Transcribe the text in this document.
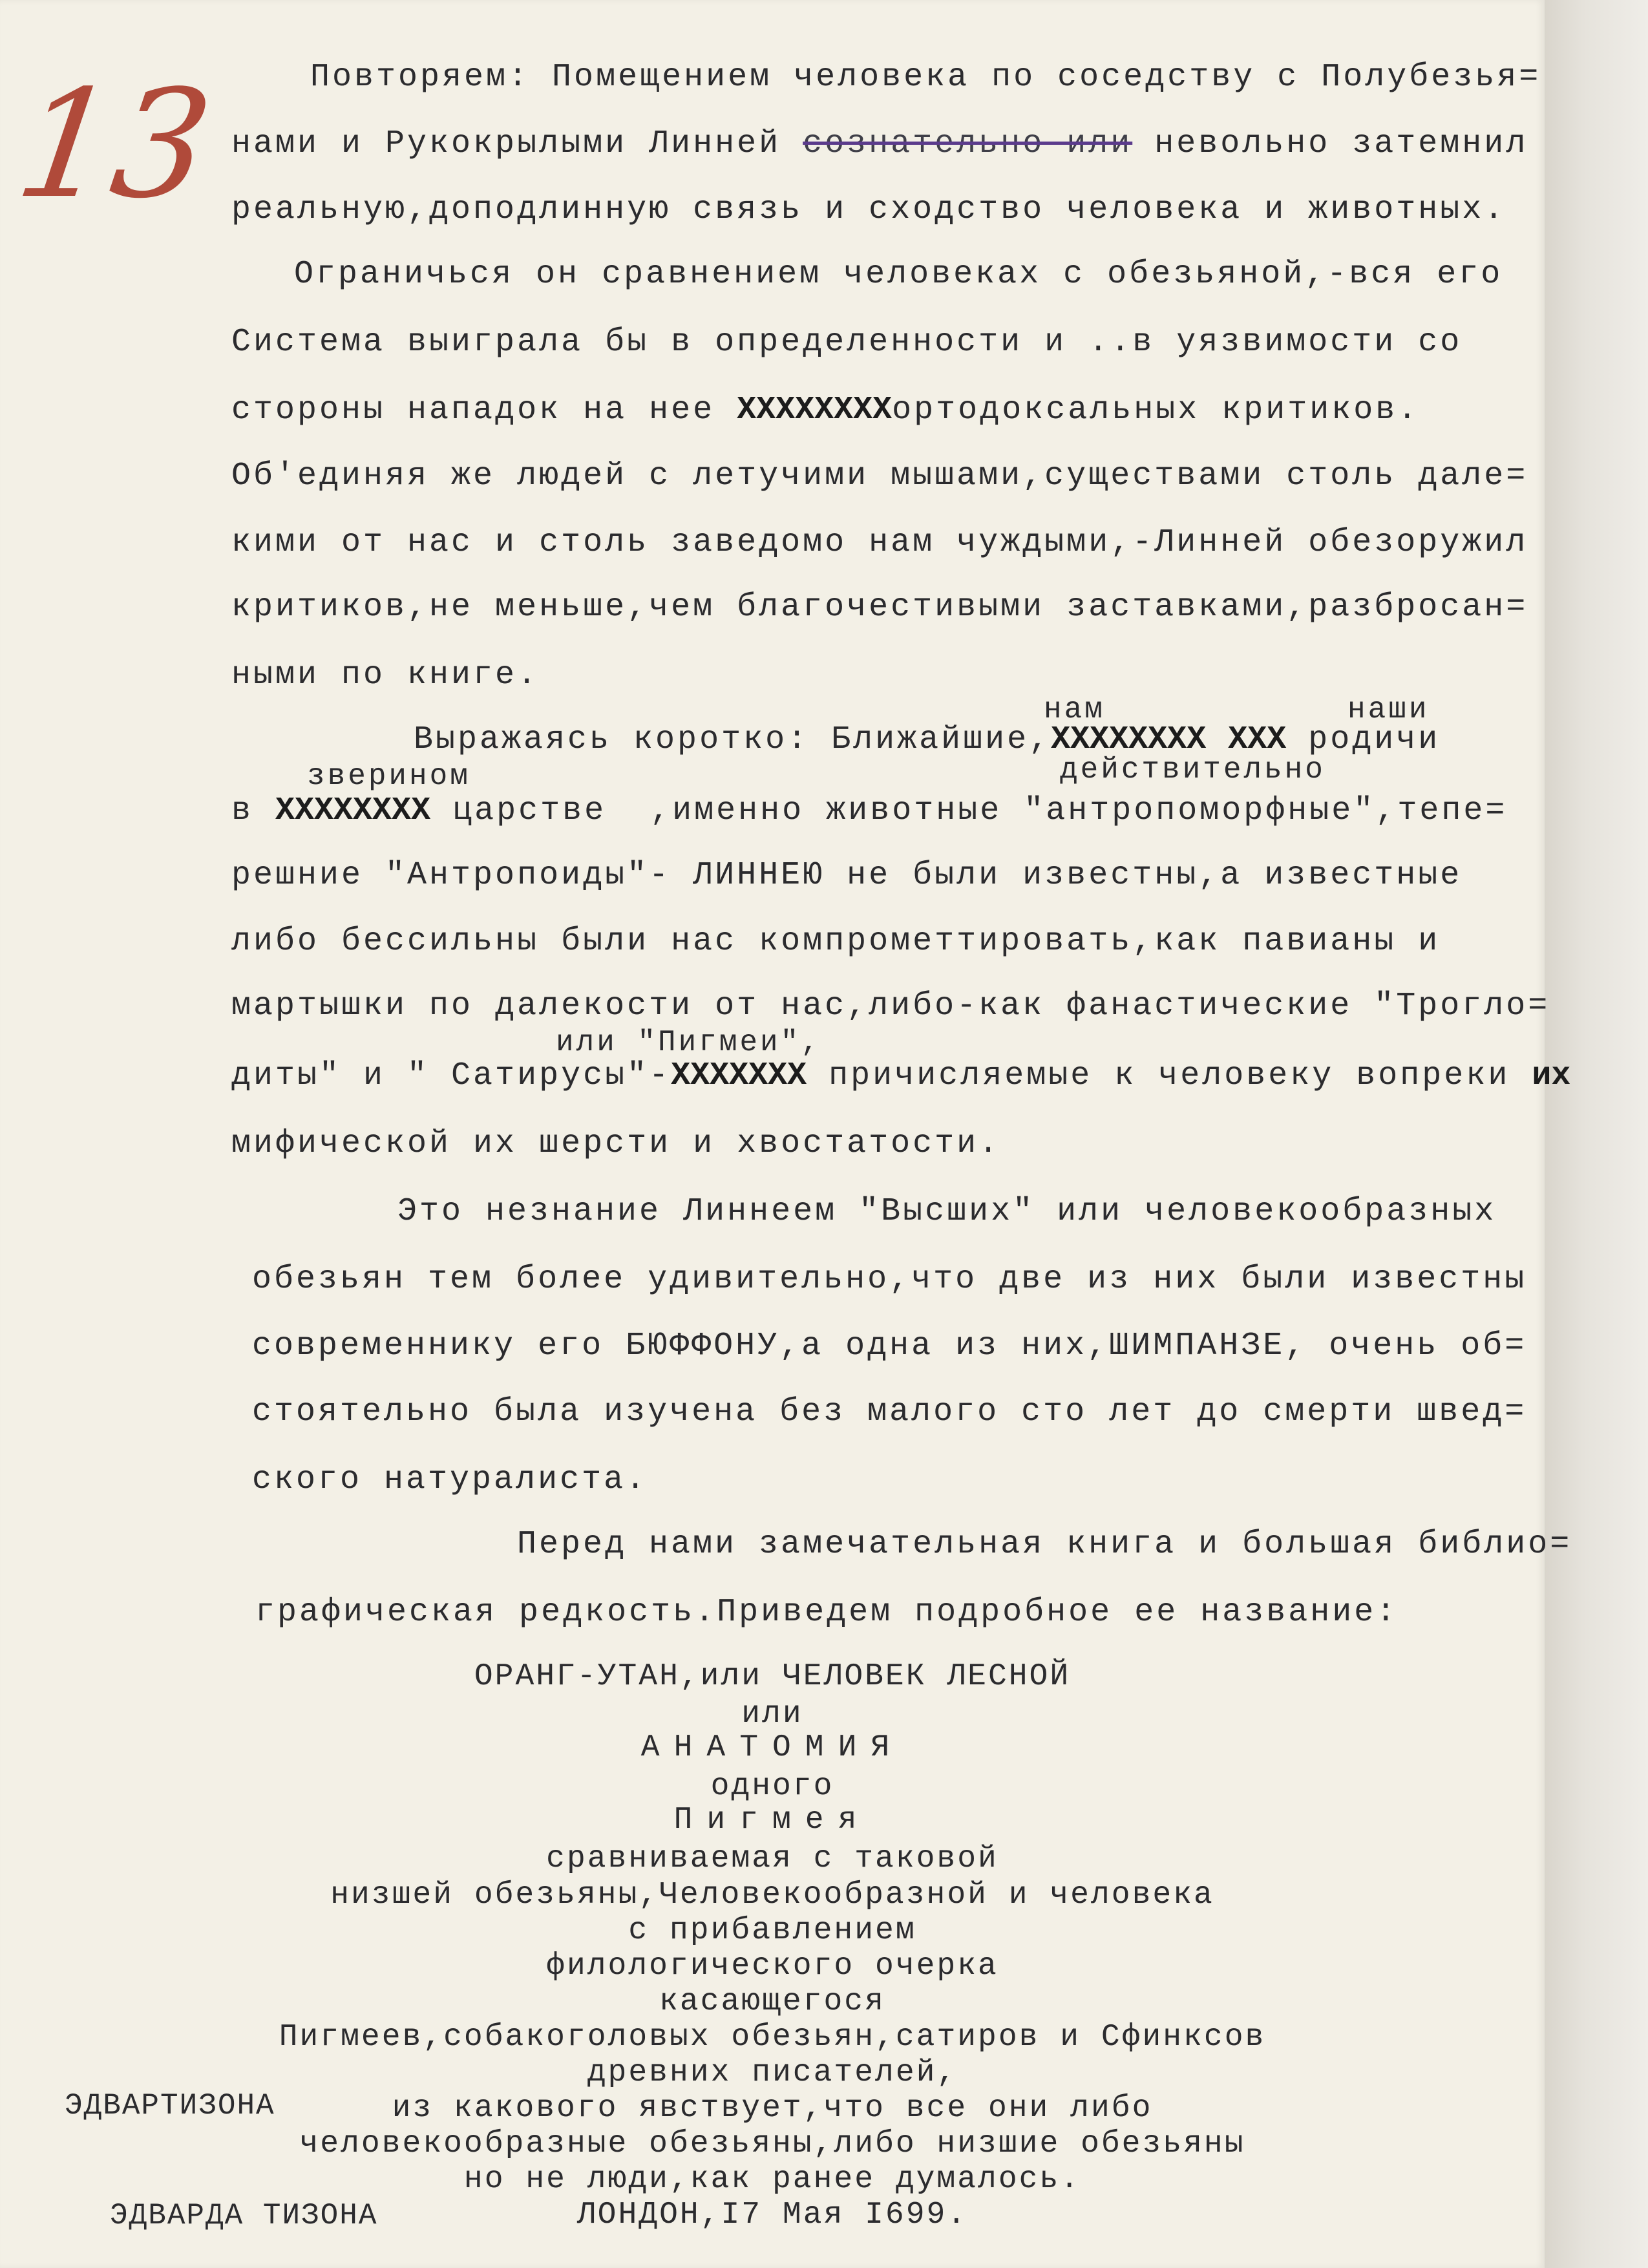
13	Повторяем: Помещением человека по соседству с Полубезья=
нами и Рукокрылыми Линней сознательно или невольно затемнил
реальную,доподлинную связь и сходство человека и животных.
Ограничься он сравнением человеках с обезьяной,-вся его
Система выиграла бы в определенности и ..в уязвимости со
стороны нападок на нее XXXXXXXXортодоксальных критиков.
Об'единяя же людей с летучими мышами,существами столь дале=
кими от нас и столь заведомо нам чуждыми,-Линней обезоружил
критиков,не меньше,чем благочестивыми заставками,разбросан=
ными по книге.
нам	наши
Выражаясь коротко: Ближайшие,XXXXXXXX XXX родичи
действительно
зверином
в XXXXXXXX царстве ,именно животные "антропоморфные",тепе=
решние "Антропоиды"- ЛИННЕЮ не были известны,а известные
либо бессильны были нас компрометтировать,как павианы и
мартышки по далекости от нас,либо-как фанастические "Трогло=
или "Пигмеи",
диты" и " Сатирусы"-XXXXXXX причисляемые к человеку вопреки их
мифической их шерсти и хвостатости.
Это незнание Линнеем "Высших" или человекообразных
обезьян тем более удивительно,что две из них были известны
современнику его БЮФФОНУ,а одна из них,ШИМПАНЗЕ, очень об=
стоятельно была изучена без малого сто лет до смерти швед=
ского натуралиста.
Перед нами замечательная книга и большая библио=
графическая редкость.Приведем подробное ее название:
ОРАНГ-УТАН,или ЧЕЛОВЕК ЛЕСНОЙ
или
АНАТОМИЯ
одного
Пигмея
сравниваемая с таковой
низшей обезьяны,Человекообразной и человека
с прибавлением
филологического очерка
касающегося
Пигмеев,собакоголовых обезьян,сатиров и Сфинксов
древних писателей,
из какового явствует,что все они либо
человекообразные обезьяны,либо низшие обезьяны
но не люди,как ранее думалось.
ЛОНДОН,I7 Мая I699.
ЭДВАРТИЗОНА
ЭДВАРДА ТИЗОНА
